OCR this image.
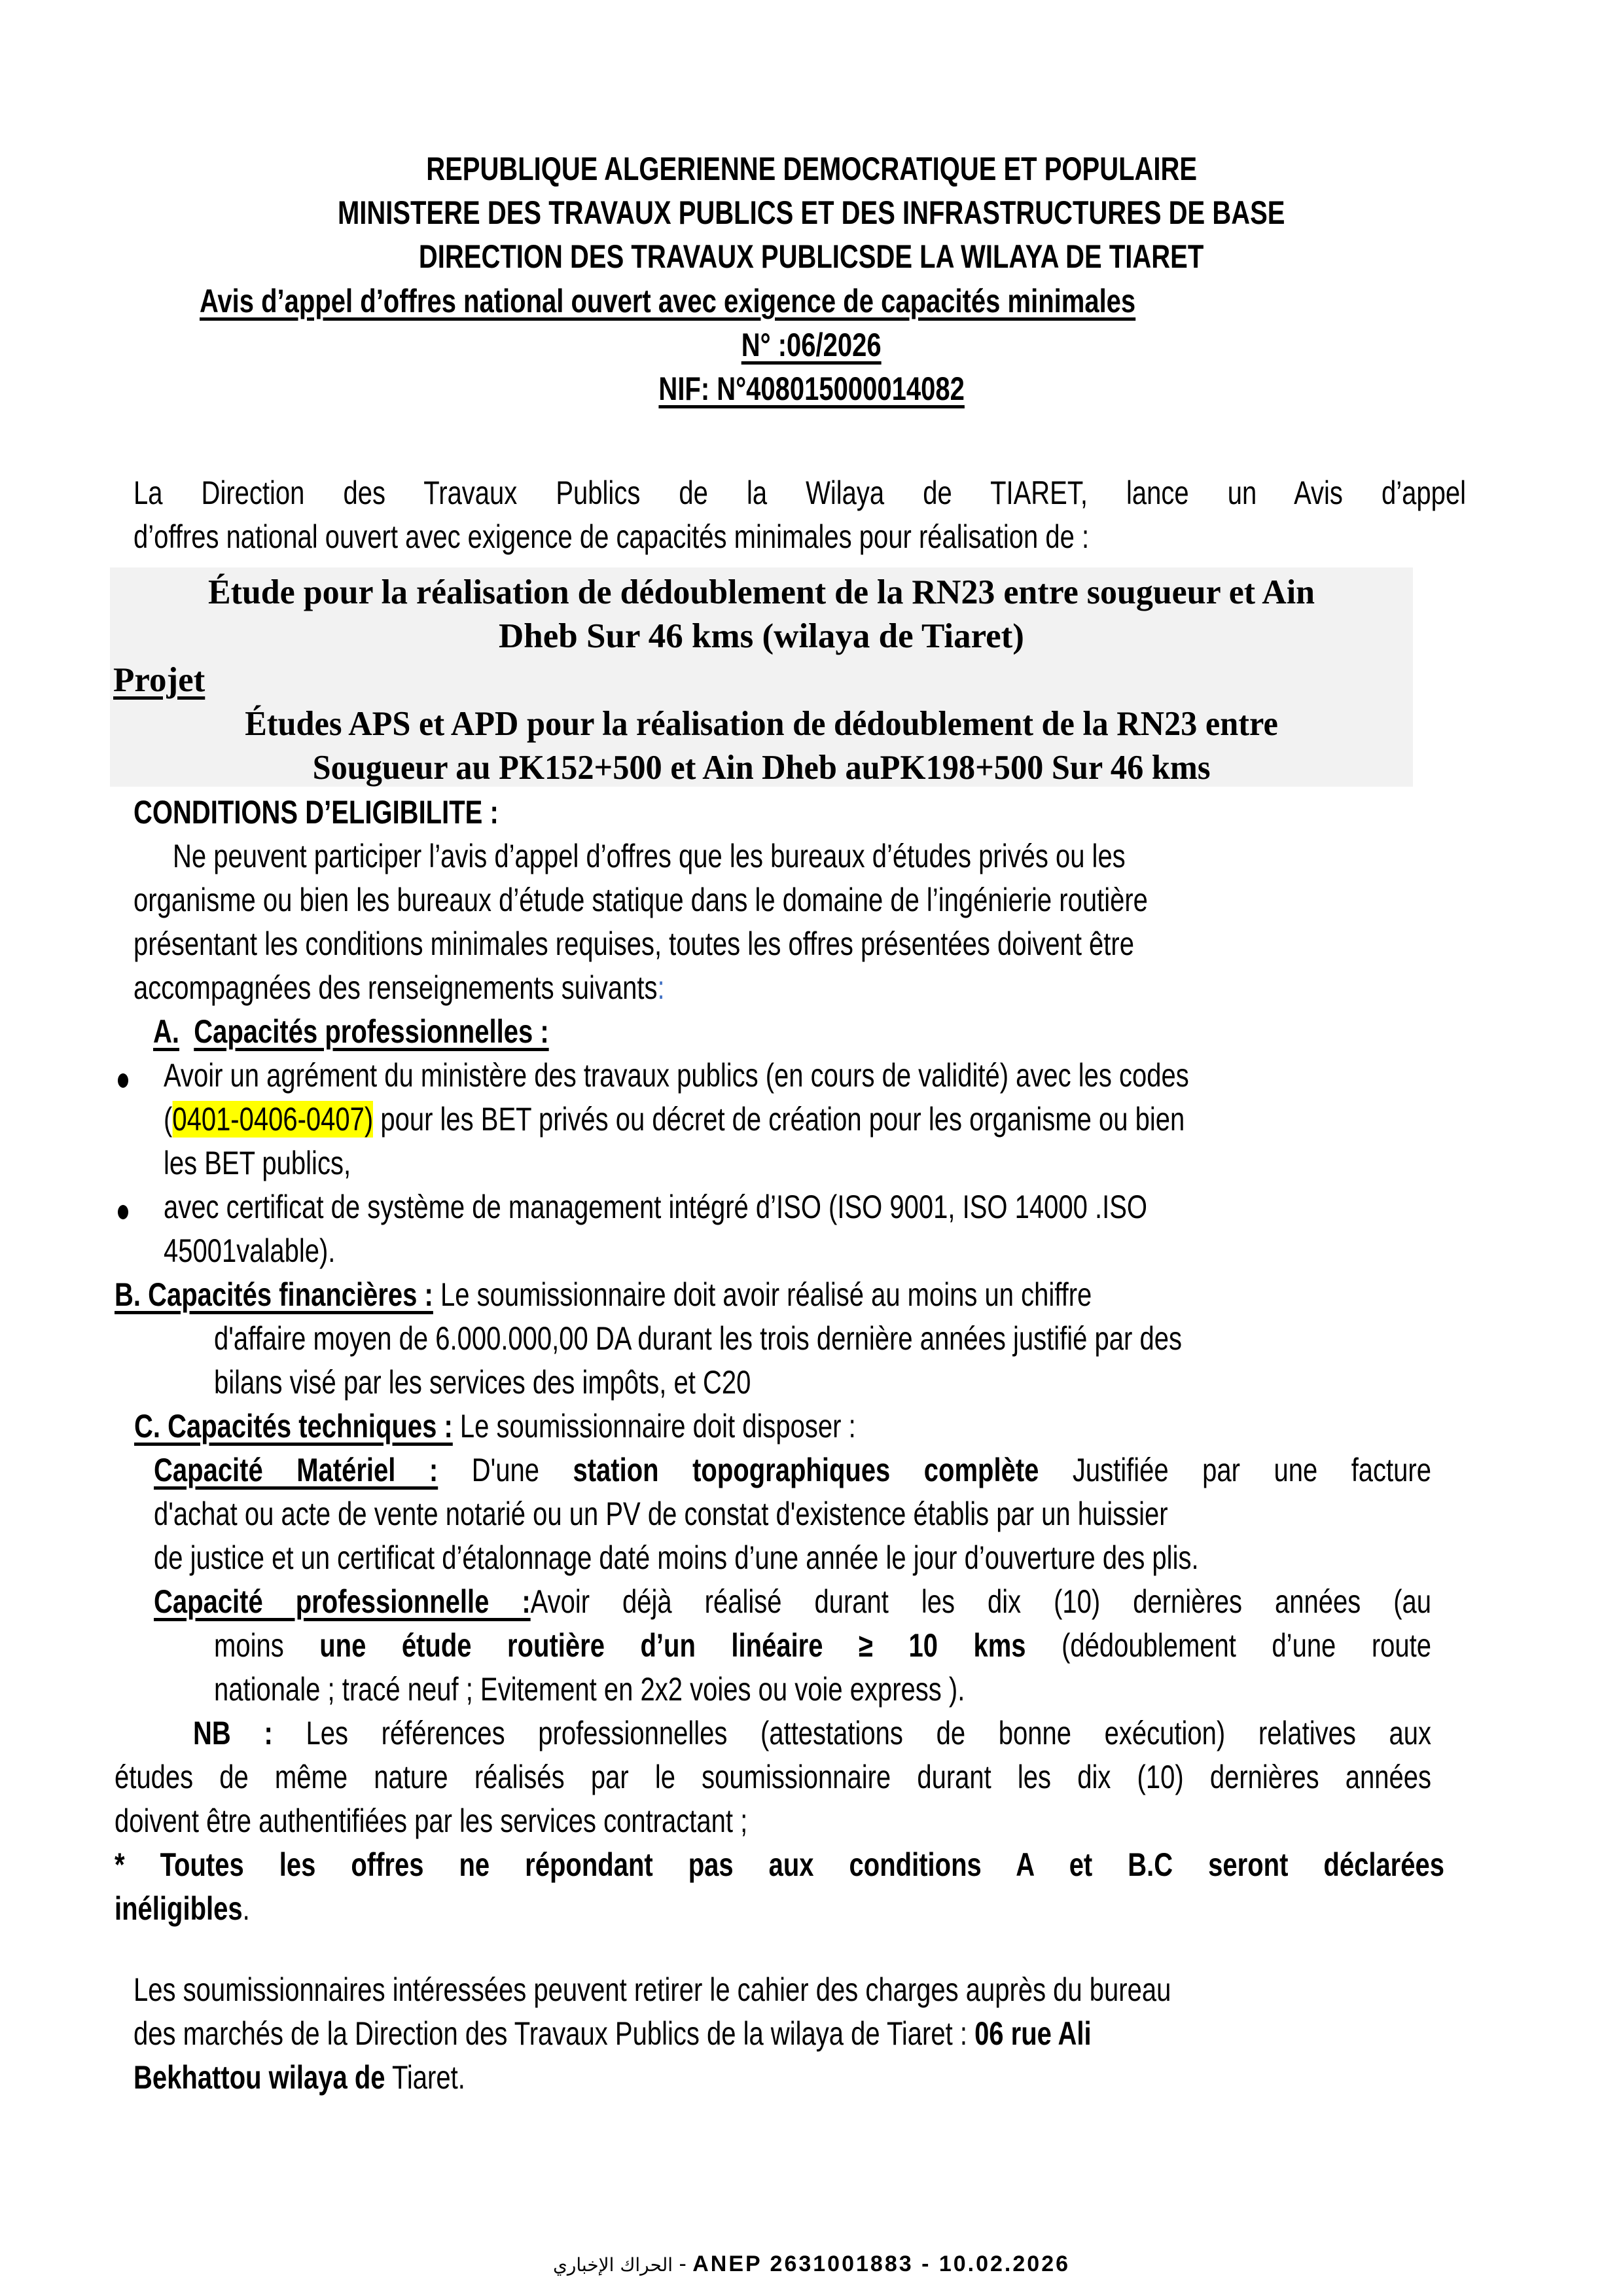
REPUBLIQUE ALGERIENNE DEMOCRATIQUE ET POPULAIRE
MINISTERE DES TRAVAUX PUBLICS ET DES INFRASTRUCTURES DE BASE
DIRECTION DES TRAVAUX PUBLICSDE LA WILAYA DE TIARET
Avis d’appel d’offres national ouvert avec exigence de capacités minimales
N° :06/2026
NIF: N°408015000014082
La Direction des Travaux Publics de la Wilaya de TIARET, lance un Avis d’appel
d’offres national ouvert avec exigence de capacités minimales pour réalisation de :
Étude pour la réalisation de dédoublement de la RN23 entre sougueur et Ain
Dheb Sur 46 kms (wilaya de Tiaret)
Projet
Études APS et APD pour la réalisation de dédoublement de la RN23 entre
Sougueur au PK152+500 et Ain Dheb auPK198+500 Sur 46 kms
CONDITIONS D’ELIGIBILITE :
Ne peuvent participer l’avis d’appel d’offres que les bureaux d’études privés ou les
organisme ou bien les bureaux d’étude statique dans le domaine de l’ingénierie routière
présentant les conditions minimales requises, toutes les offres présentées doivent être
accompagnées des renseignements suivants:
A. Capacités professionnelles :
Avoir un agrément du ministère des travaux publics (en cours de validité) avec les codes
(0401-0406-0407) pour les BET privés ou décret de création pour les organisme ou bien
les BET publics,
avec certificat de système de management intégré d’ISO (ISO 9001, ISO 14000 .ISO
45001valable).
B. Capacités financières : Le soumissionnaire doit avoir réalisé au moins un chiffre
d'affaire moyen de 6.000.000,00 DA durant les trois dernière années justifié par des
bilans visé par les services des impôts, et C20
C. Capacités techniques : Le soumissionnaire doit disposer :
Capacité Matériel : D'une station topographiques complète Justifiée par une facture
d'achat ou acte de vente notarié ou un PV de constat d'existence établis par un huissier
de justice et un certificat d’étalonnage daté moins d’une année le jour d’ouverture des plis.
Capacité professionnelle :Avoir déjà réalisé durant les dix (10) dernières années (au
moins une étude routière d’un linéaire ≥ 10 kms (dédoublement d’une route
nationale ; tracé neuf ; Evitement en 2x2 voies ou voie express ).
NB : Les références professionnelles (attestations de bonne exécution) relatives aux
études de même nature réalisés par le soumissionnaire durant les dix (10) dernières années
doivent être authentifiées par les services contractant ;
* Toutes les offres ne répondant pas aux conditions A et B.C seront déclarées
inéligibles.
Les soumissionnaires intéressées peuvent retirer le cahier des charges auprès du bureau
des marchés de la Direction des Travaux Publics de la wilaya de Tiaret : 06 rue Ali
Bekhattou wilaya de Tiaret.
الحراك الإخباري - ANEP 2631001883 - 10.02.2026
